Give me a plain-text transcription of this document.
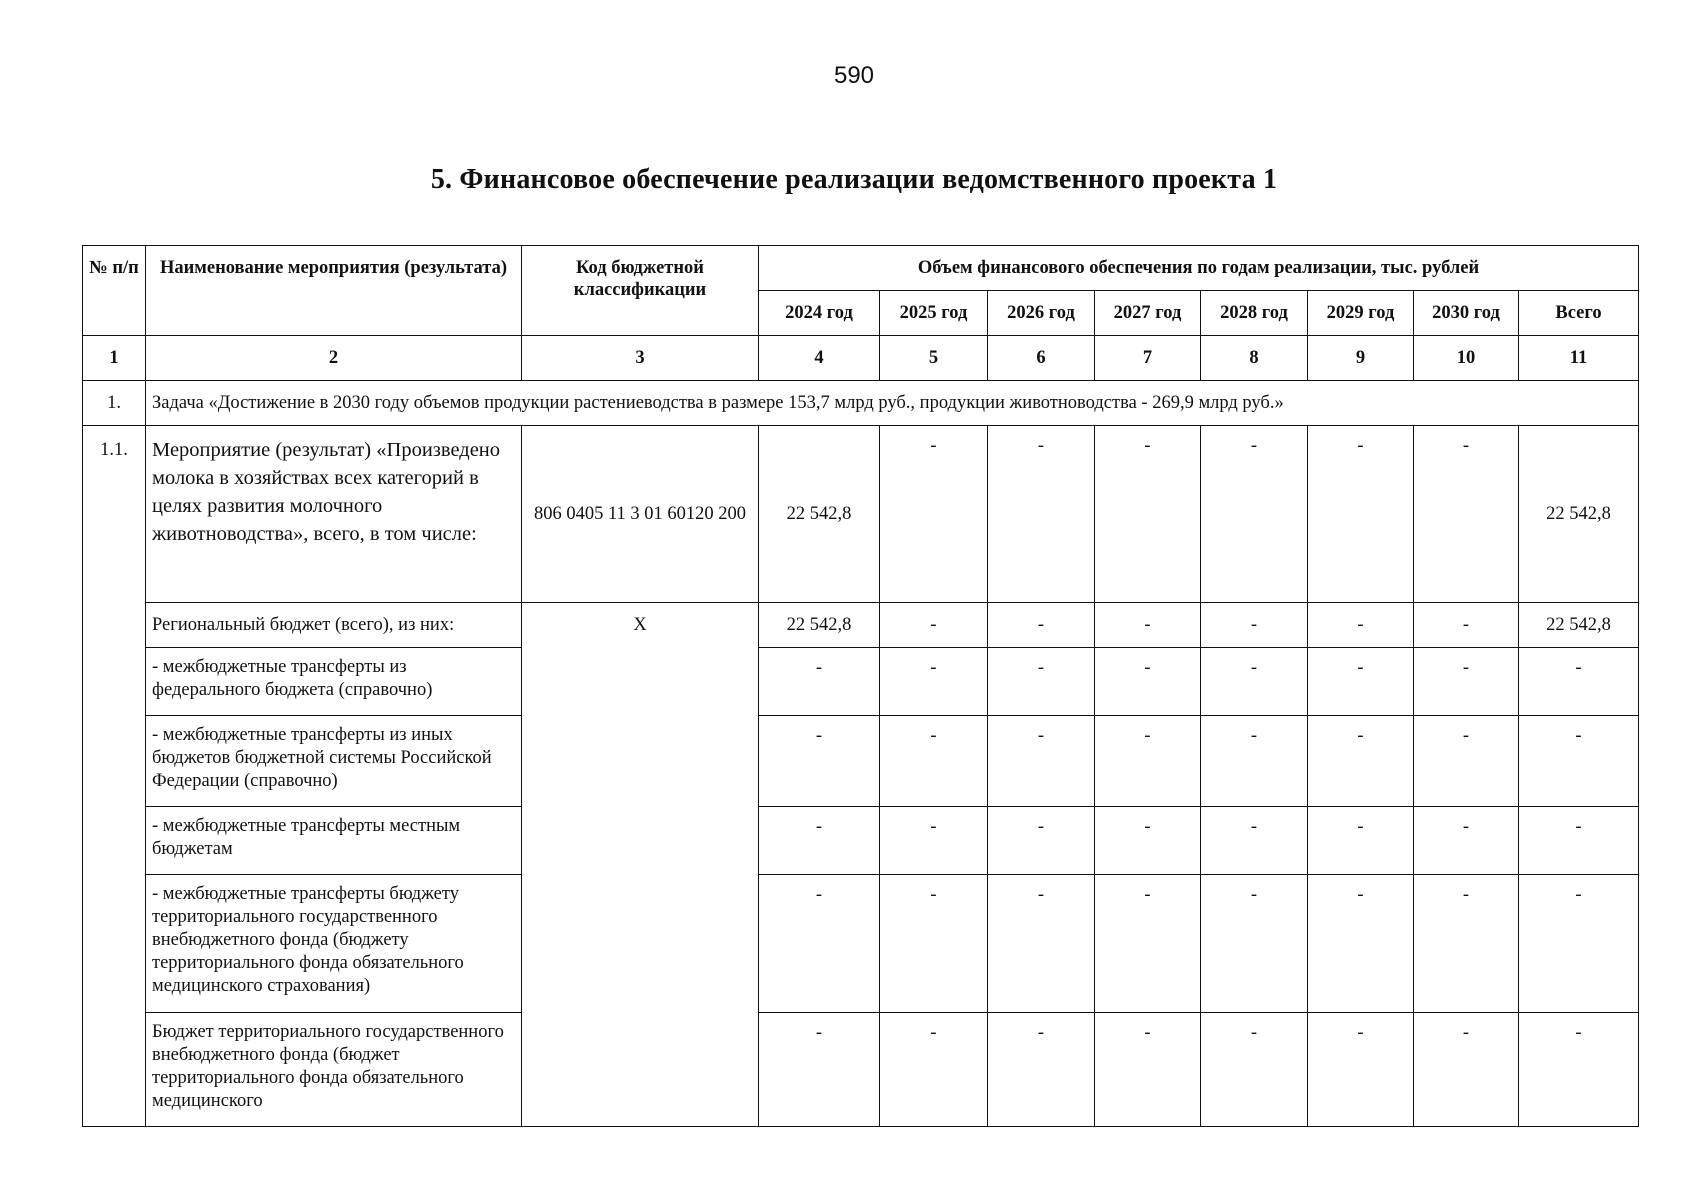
590
5. Финансовое обеспечение реализации ведомственного проекта 1
№ п/п	Наименование мероприятия (результата)	Код бюджетной классификации	Объем финансового обеспечения по годам реализации, тыс. рублей							
			2024 год	2025 год	2026 год	2027 год	2028 год	2029 год	2030 год	Всего
1	2	3	4	5	6	7	8	9	10	11
1.	Задача «Достижение в 2030 году объемов продукции растениеводства в размере 153,7 млрд руб., продукции животноводства - 269,9 млрд руб.»									
1.1.	Мероприятие (результат) «Произведено молока в хозяйствах всех категорий в целях развития молочного животноводства», всего, в том числе:	806 0405 11 3 01 60120 200	22 542,8	-	-	-	-	-	-	22 542,8
	Региональный бюджет (всего), из них:	Х	22 542,8	-	-	-	-	-	-	22 542,8
	- межбюджетные трансферты из федерального бюджета (справочно)		-	-	-	-	-	-	-	-
	- межбюджетные трансферты из иных бюджетов бюджетной системы Российской Федерации (справочно)		-	-	-	-	-	-	-	-
	- межбюджетные трансферты местным бюджетам		-	-	-	-	-	-	-	-
	- межбюджетные трансферты бюджету территориального государственного внебюджетного фонда (бюджету территориального фонда обязательного медицинского страхования)		-	-	-	-	-	-	-	-
	Бюджет территориального государственного внебюджетного фонда (бюджет территориального фонда обязательного медицинского		-	-	-	-	-	-	-	-
